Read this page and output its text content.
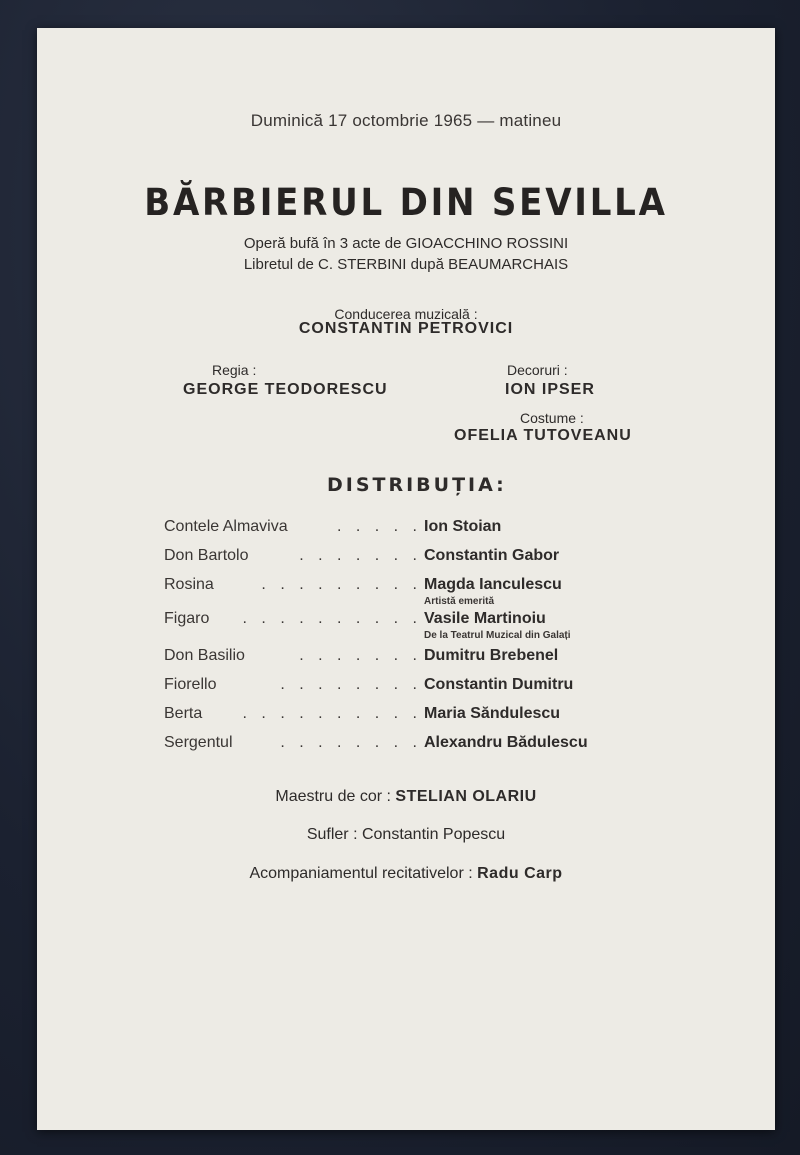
Duminică 17 octombrie 1965 — matineu
BĂRBIERUL DIN SEVILLA
Operă bufă în 3 acte de GIOACCHINO ROSSINI
Libretul de C. STERBINI după BEAUMARCHAIS
Conducerea muzicală :
CONSTANTIN PETROVICI
Regia :
GEORGE TEODORESCU
Decoruri :
ION IPSER
Costume :
OFELIA TUTOVEANU
DISTRIBUȚIA:
Contele Almaviva	. . . . . Ion Stoian
Don Bartolo	. . . . . . . Constantin Gabor
Rosina	. . . . . . . . . Magda Ianculescu
Artistă emerită
Figaro	. . . . . . . . . . Vasile Martinoiu
De la Teatrul Muzical din Galați
Don Basilio	. . . . . . . Dumitru Brebenel
Fiorello	. . . . . . . . Constantin Dumitru
Berta	. . . . . . . . . . Maria Săndulescu
Sergentul	. . . . . . . . Alexandru Bădulescu
Maestru de cor : STELIAN OLARIU
Sufler : Constantin Popescu
Acompaniamentul recitativelor : Radu Carp
